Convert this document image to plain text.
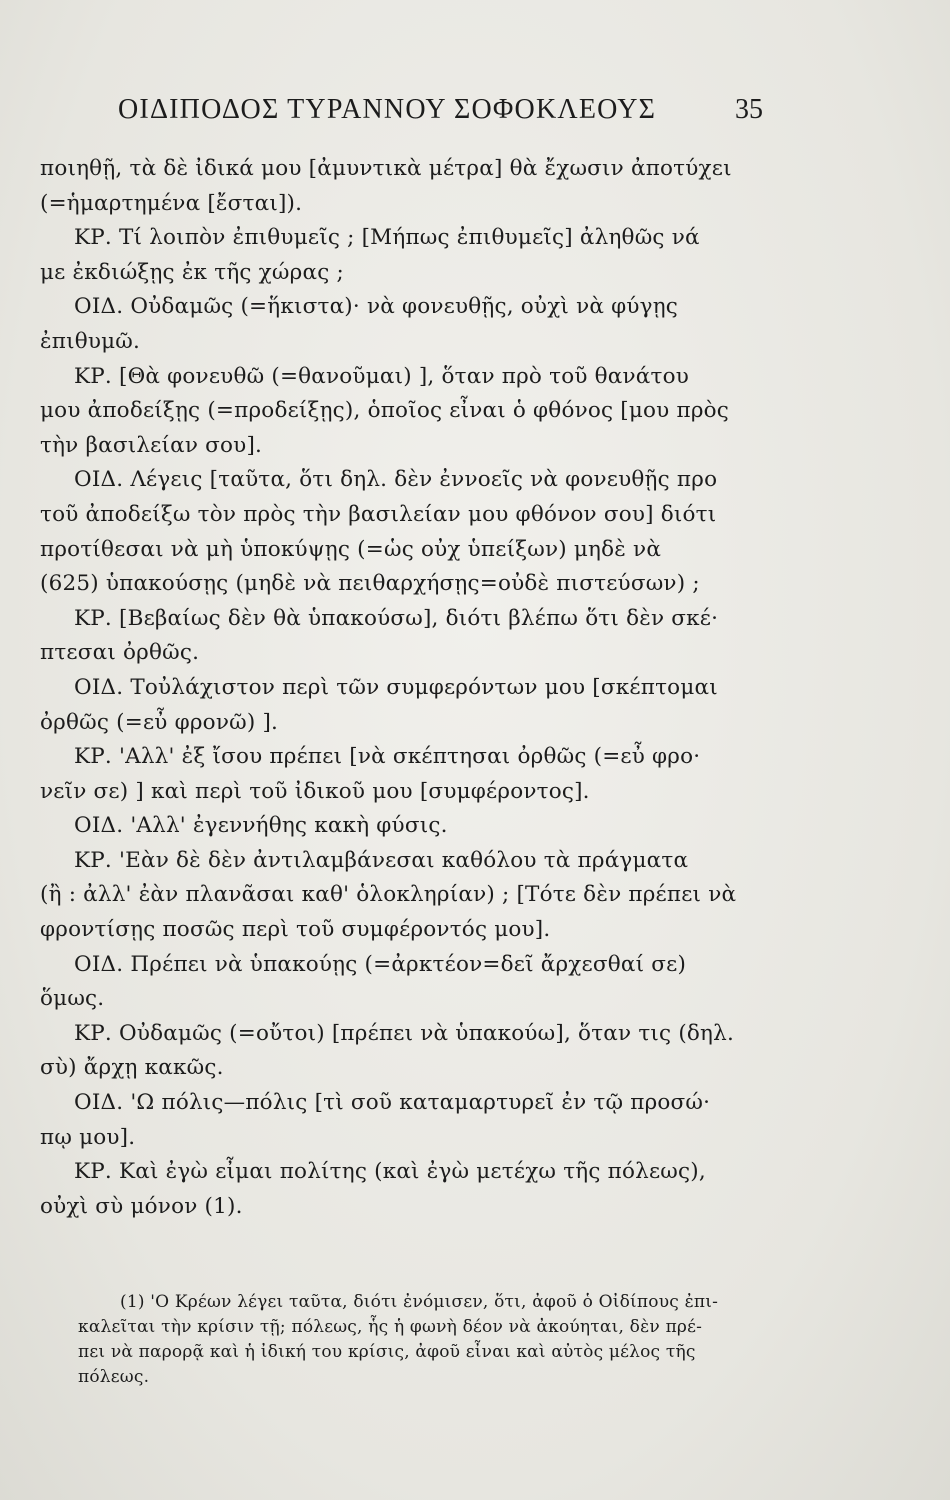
ΟΙΔΙΠΟΔΟΣ ΤΥΡΑΝΝΟΥ ΣΟΦΟΚΛΕΟΥΣ	35
ποιηθῇ, τὰ δὲ ἰδικά μου [ἀμυντικὰ μέτρα] θὰ ἔχωσιν ἀποτύχει
(=ἡμαρτημένα [ἔσται]).
ΚΡ. Τί λοιπὸν ἐπιθυμεῖς ; [Μήπως ἐπιθυμεῖς] ἀληθῶς νά
με ἐκδιώξῃς ἐκ τῆς χώρας ;
ΟΙΔ. Οὐδαμῶς (=ἥκιστα)· νὰ φονευθῇς, οὐχὶ νὰ φύγῃς
ἐπιθυμῶ.
ΚΡ. [Θὰ φονευθῶ (=θανοῦμαι) ], ὅταν πρὸ τοῦ θανάτου
μου ἀποδείξῃς (=προδείξῃς), ὁποῖος εἶναι ὁ φθόνος [μου πρὸς
τὴν βασιλείαν σου].
ΟΙΔ. Λέγεις [ταῦτα, ὅτι δηλ. δὲν ἐννοεῖς νὰ φονευθῇς προ
τοῦ ἀποδείξω τὸν πρὸς τὴν βασιλείαν μου φθόνον σου] διότι
προτίθεσαι νὰ μὴ ὑποκύψῃς (=ὡς οὐχ ὑπείξων) μηδὲ νὰ
(625) ὑπακούσῃς (μηδὲ νὰ πειθαρχήσῃς=οὐδὲ πιστεύσων) ;
ΚΡ. [Βεβαίως δὲν θὰ ὑπακούσω], διότι βλέπω ὅτι δὲν σκέ·
πτεσαι ὀρθῶς.
ΟΙΔ. Τοὐλάχιστον περὶ τῶν συμφερόντων μου [σκέπτομαι
ὀρθῶς (=εὖ φρονῶ) ].
ΚΡ. 'Αλλ' ἐξ ἴσου πρέπει [νὰ σκέπτησαι ὀρθῶς (=εὖ φρο·
νεῖν σε) ] καὶ περὶ τοῦ ἰδικοῦ μου [συμφέροντος].
ΟΙΔ. 'Αλλ' ἐγεννήθης κακὴ φύσις.
ΚΡ. 'Εὰν δὲ δὲν ἀντιλαμβάνεσαι καθόλου τὰ πράγματα
(ἢ : ἀλλ' ἐὰν πλανᾶσαι καθ' ὁλοκληρίαν) ; [Τότε δὲν πρέπει νὰ
φροντίσῃς ποσῶς περὶ τοῦ συμφέροντός μου].
ΟΙΔ. Πρέπει νὰ ὑπακούῃς (=ἀρκτέον=δεῖ ἄρχεσθαί σε)
ὅμως.
ΚΡ. Οὐδαμῶς (=οὔτοι) [πρέπει νὰ ὑπακούω], ὅταν τις (δηλ.
σὺ) ἄρχῃ κακῶς.
ΟΙΔ. 'Ω πόλις—πόλις [τὶ σοῦ καταμαρτυρεῖ ἐν τῷ προσώ·
πῳ μου].
ΚΡ. Καὶ ἐγὼ εἶμαι πολίτης (καὶ ἐγὼ μετέχω τῆς πόλεως),
οὐχὶ σὺ μόνον (1).
(1) 'Ο Κρέων λέγει ταῦτα, διότι ἐνόμισεν, ὅτι, ἀφοῦ ὁ Οἰδίπους ἐπι-
καλεῖται τὴν κρίσιν τῇ; πόλεως, ἧς ἡ φωνὴ δέον νὰ ἀκούηται, δὲν πρέ-
πει νὰ παρορᾷ καὶ ἡ ἰδική του κρίσις, ἀφοῦ εἶναι καὶ αὐτὸς μέλος τῆς
πόλεως.
